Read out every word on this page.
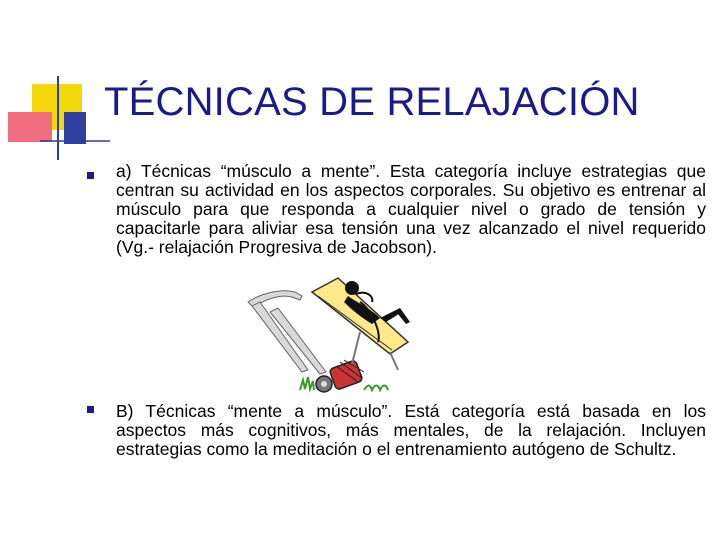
TÉCNICAS DE RELAJACIÓN

a) Técnicas “músculo a mente”. Esta categoría incluye estrategias que centran su actividad en los aspectos corporales. Su objetivo es entrenar al músculo para que responda a cualquier nivel o grado de tensión y capacitarle para aliviar esa tensión una vez alcanzado el nivel requerido (Vg.- relajación Progresiva de Jacobson).

B) Técnicas “mente a músculo”. Está categoría está basada en los aspectos más cognitivos, más mentales, de la relajación. Incluyen estrategias como la meditación o el entrenamiento autógeno de Schultz.
